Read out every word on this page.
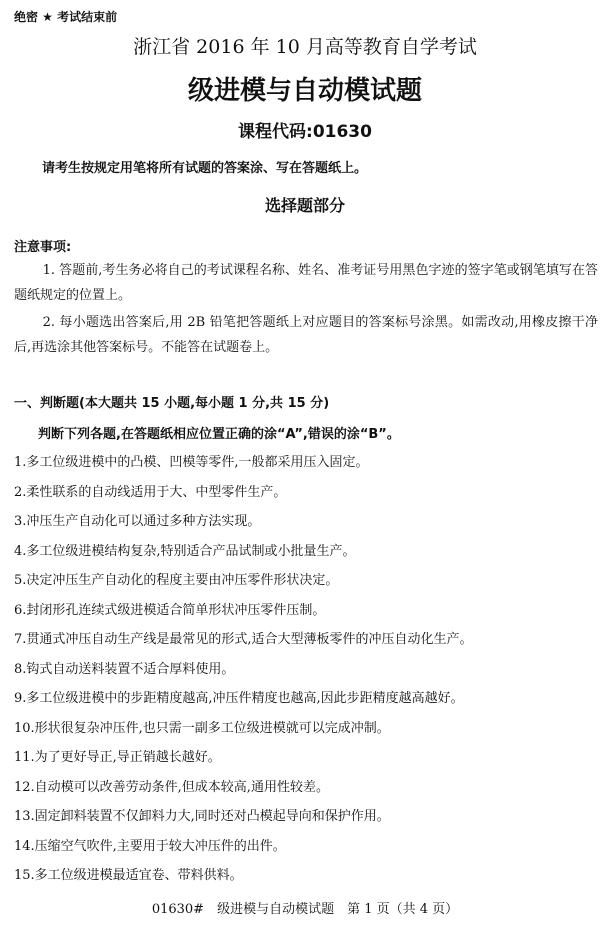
绝密 ★ 考试结束前
浙江省 2016 年 10 月高等教育自学考试
级进模与自动模试题
课程代码:01630
请考生按规定用笔将所有试题的答案涂、写在答题纸上。
选择题部分
注意事项:
1. 答题前,考生务必将自己的考试课程名称、姓名、准考证号用黑色字迹的签字笔或钢笔填写在答题纸规定的位置上。
2. 每小题选出答案后,用 2B 铅笔把答题纸上对应题目的答案标号涂黑。如需改动,用橡皮擦干净后,再选涂其他答案标号。不能答在试题卷上。
一、判断题(本大题共 15 小题,每小题 1 分,共 15 分)
判断下列各题,在答题纸相应位置正确的涂“A”,错误的涂“B”。
1.多工位级进模中的凸模、凹模等零件,一般都采用压入固定。
2.柔性联系的自动线适用于大、中型零件生产。
3.冲压生产自动化可以通过多种方法实现。
4.多工位级进模结构复杂,特别适合产品试制或小批量生产。
5.决定冲压生产自动化的程度主要由冲压零件形状决定。
6.封闭形孔连续式级进模适合简单形状冲压零件压制。
7.贯通式冲压自动生产线是最常见的形式,适合大型薄板零件的冲压自动化生产。
8.钩式自动送料装置不适合厚料使用。
9.多工位级进模中的步距精度越高,冲压件精度也越高,因此步距精度越高越好。
10.形状很复杂冲压件,也只需一副多工位级进模就可以完成冲制。
11.为了更好导正,导正销越长越好。
12.自动模可以改善劳动条件,但成本较高,通用性较差。
13.固定卸料装置不仅卸料力大,同时还对凸模起导向和保护作用。
14.压缩空气吹件,主要用于较大冲压件的出件。
15.多工位级进模最适宜卷、带料供料。
01630#　级进模与自动模试题　第 1 页（共 4 页）
